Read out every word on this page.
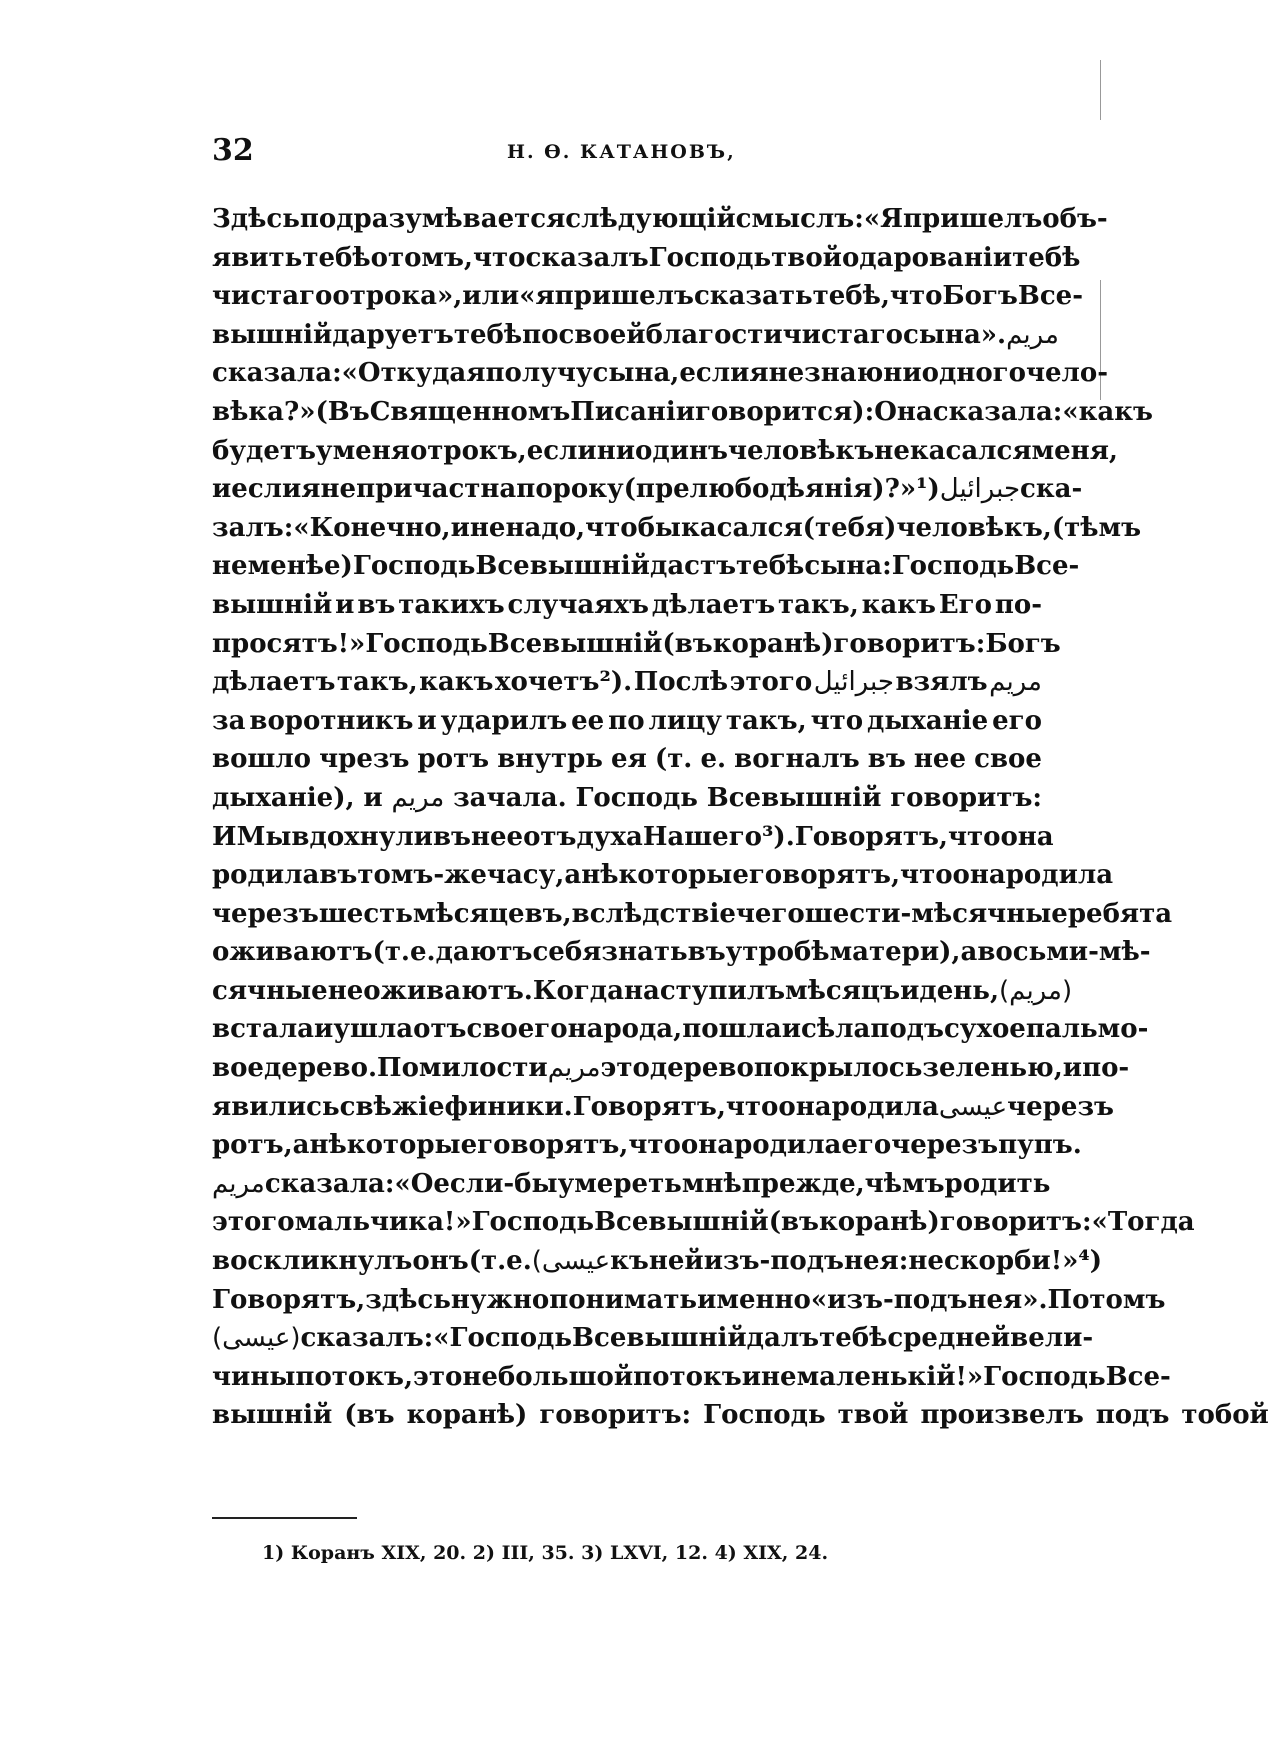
32	Н. Ѳ. КАТАНОВЪ,
Здѣсь подразумѣвается слѣдующій смыслъ: «Я пришелъ объ-
явить тебѣ о томъ, что сказалъ Господь твой о дарованіи тебѣ
чистаго отрока», или «я пришелъ сказать тебѣ, что Богъ Все-
вышній даруетъ тебѣ по своей благости чистаго сына». مريم
сказала: «Откуда я получу сына, если я не знаю ни одного чело-
вѣка?» (Въ Священномъ Писаніи говорится): Она сказала: «какъ
будетъ у меня отрокъ, если ни одинъ человѣкъ не касался меня,
и если я не причастна пороку (прелюбодѣянія)?» ¹) جبرائيل ска-
залъ: «Конечно, и не надо, чтобы касался (тебя) человѣкъ, (тѣмъ
не менѣе) Господь Всевышній дастъ тебѣ сына: Господь Все-
вышній и въ такихъ случаяхъ дѣлаетъ такъ, какъ Его по-
просятъ!» Господь Всевышній (въ коранѣ) говоритъ: Богъ
дѣлаетъ такъ, какъ хочетъ²). Послѣ этого جبرائيل взялъ مريم
за воротникъ и ударилъ ее по лицу такъ, что дыханіе его
вошло чрезъ ротъ внутрь ея (т. е. вогналъ въ нее свое
дыханіе), и مريم зачала. Господь Всевышній говоритъ:
И Мы вдохнули въ нее отъ духа Нашего³). Говорятъ, что она
родила въ томъ-же часу, а нѣкоторые говорятъ, что она родила
черезъ шесть мѣсяцевъ, вслѣдствіе чего шести-мѣсячные ребята
оживаютъ (т. е. даютъ себя знать въ утробѣ матери), а восьми-мѣ-
сячные не оживаютъ. Когда наступилъ мѣсяцъ и день, (مريم)
встала и ушла отъ своего народа, пошла и сѣла подъ сухое пальмо-
вое дерево. По милости مريم это дерево покрылось зеленью, и по-
явились свѣжіе финики. Говорятъ, что она родила عيسى черезъ
ротъ, а нѣкоторые говорятъ, что она родила его черезъ пупъ.
مريم сказала: «О если-бы умереть мнѣ прежде, чѣмъ родить
этого мальчика!» Господь Всевышній (въ коранѣ) говоритъ: «Тогда
воскликнулъ онъ (т. е. عيسى) къ ней изъ-подъ нея: не скорби!»⁴)
Говорятъ, здѣсь нужно понимать именно «изъ-подъ нея». Потомъ
(عيسى) сказалъ: «Господь Всевышній далъ тебѣ средней вели-
чины потокъ, это не большой потокъ и не маленькій!» Господь Все-
вышній (въ коранѣ) говоритъ: Господь твой произвелъ подъ тобой
1) Коранъ XIX, 20. 2) III, 35. 3) LXVI, 12. 4) XIX, 24.
